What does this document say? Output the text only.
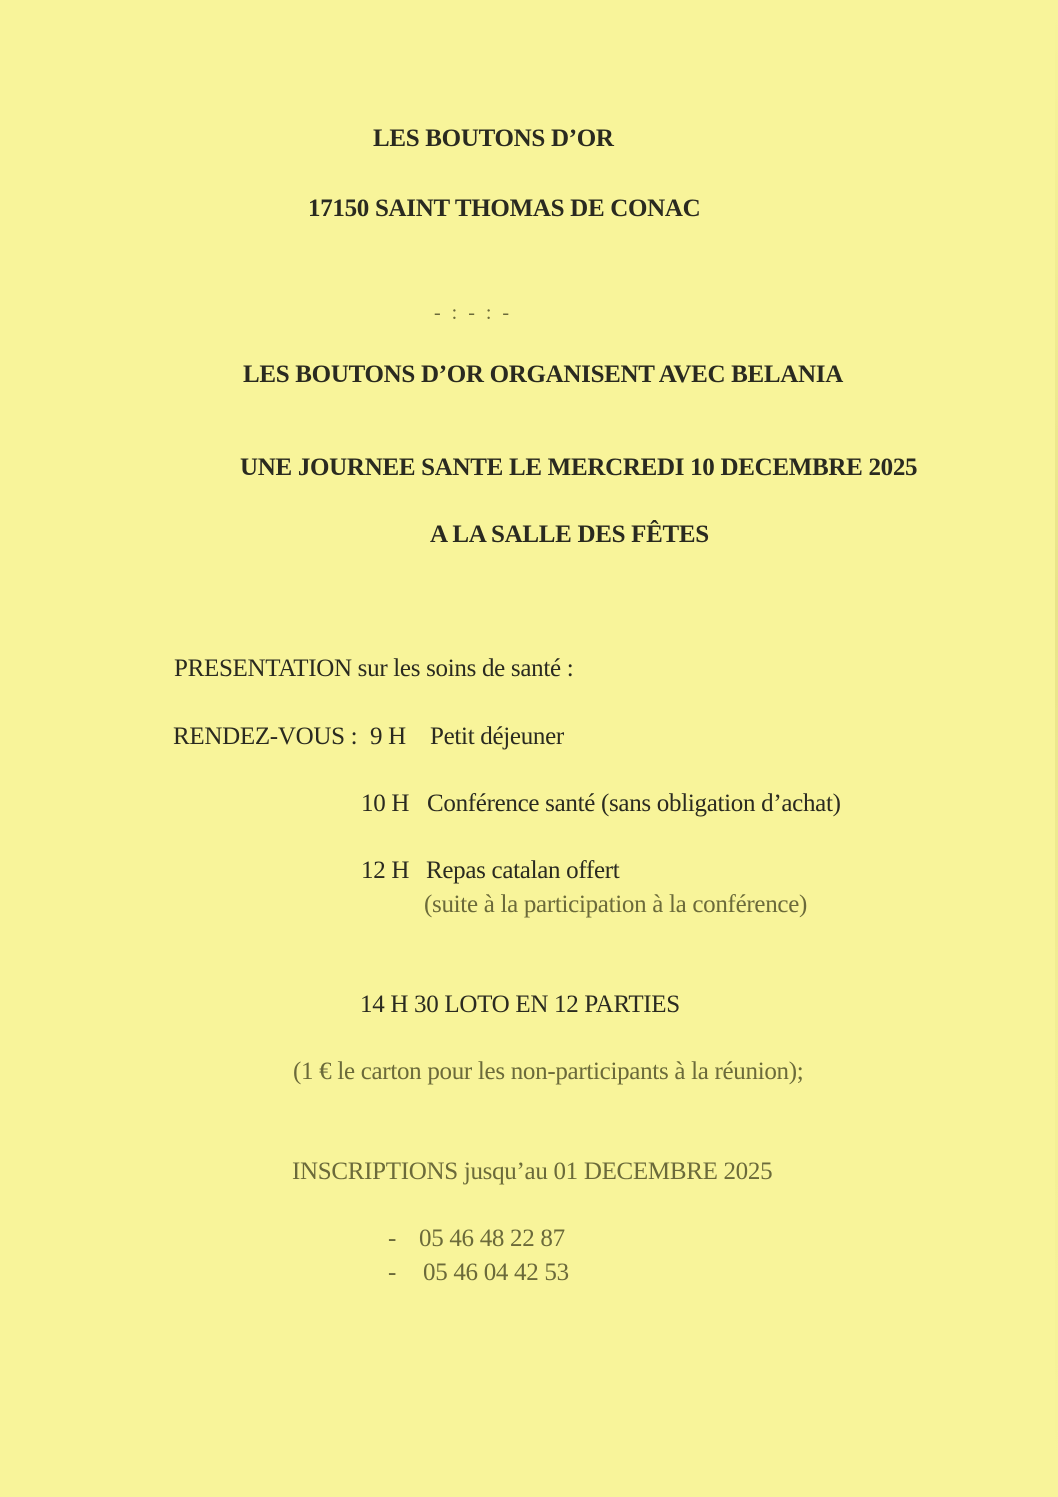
LES BOUTONS D’OR
17150 SAINT THOMAS DE CONAC
- : - : -
LES BOUTONS D’OR ORGANISENT AVEC BELANIA
UNE JOURNEE SANTE LE MERCREDI 10 DECEMBRE 2025
A LA SALLE DES FÊTES
PRESENTATION sur les soins de santé :
RENDEZ-VOUS : 9 H Petit déjeuner
10 H Conférence santé (sans obligation d’achat)
12 H Repas catalan offert
(suite à la participation à la conférence)
14 H 30 LOTO EN 12 PARTIES
(1 € le carton pour les non-participants à la réunion);
INSCRIPTIONS jusqu’au 01 DECEMBRE 2025
- 05 46 48 22 87
- 05 46 04 42 53
